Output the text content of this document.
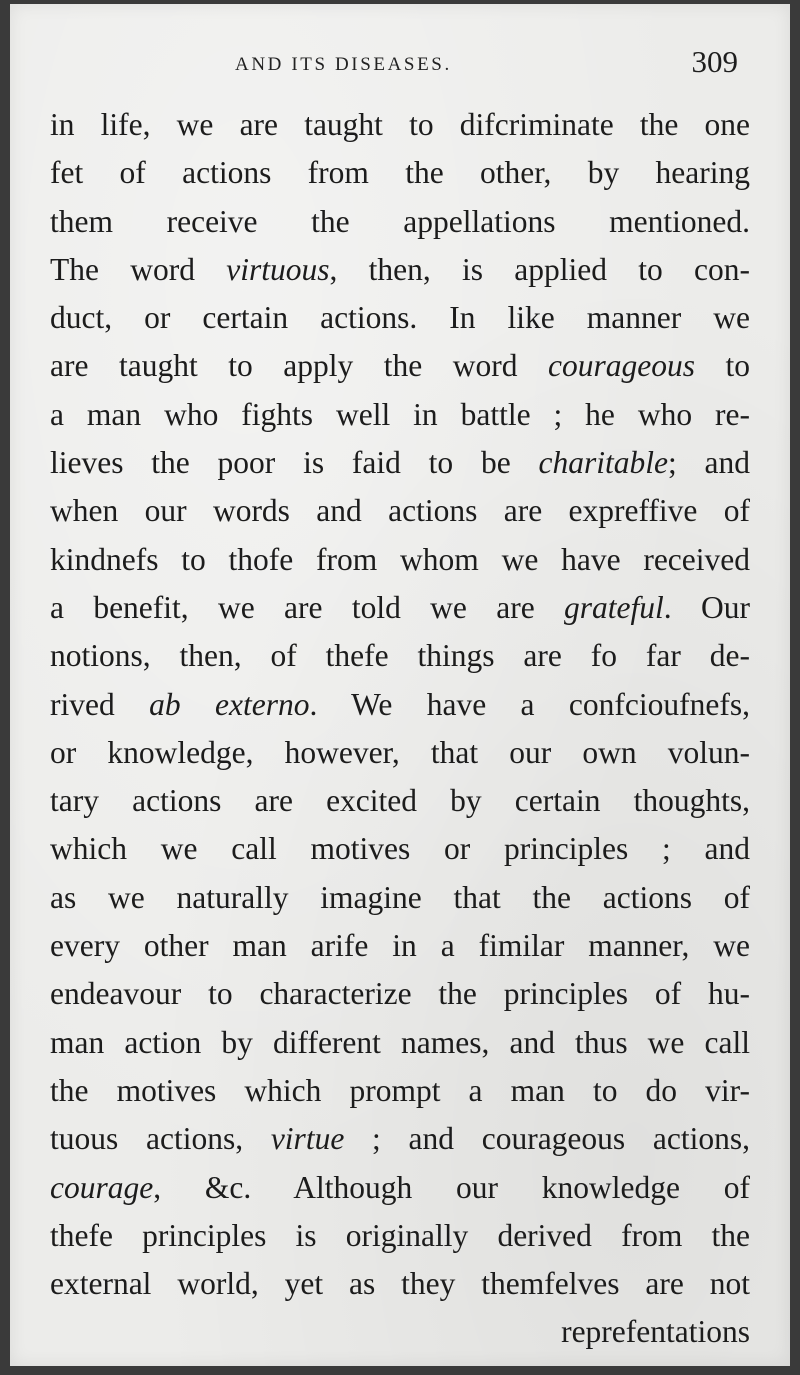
AND ITS DISEASES.	309
in life, we are taught to difcriminate the one
fet of actions from the other, by hearing
them receive the appellations mentioned.
The word virtuous, then, is applied to con-
duct, or certain actions. In like manner we
are taught to apply the word courageous to
a man who fights well in battle ; he who re-
lieves the poor is faid to be charitable; and
when our words and actions are expreffive of
kindnefs to thofe from whom we have received
a benefit, we are told we are grateful. Our
notions, then, of thefe things are fo far de-
rived ab externo. We have a confcioufnefs,
or knowledge, however, that our own volun-
tary actions are excited by certain thoughts,
which we call motives or principles ; and
as we naturally imagine that the actions of
every other man arife in a fimilar manner, we
endeavour to characterize the principles of hu-
man action by different names, and thus we call
the motives which prompt a man to do vir-
tuous actions, virtue ; and courageous actions,
courage, &c. Although our knowledge of
thefe principles is originally derived from the
external world, yet as they themfelves are not
reprefentations
